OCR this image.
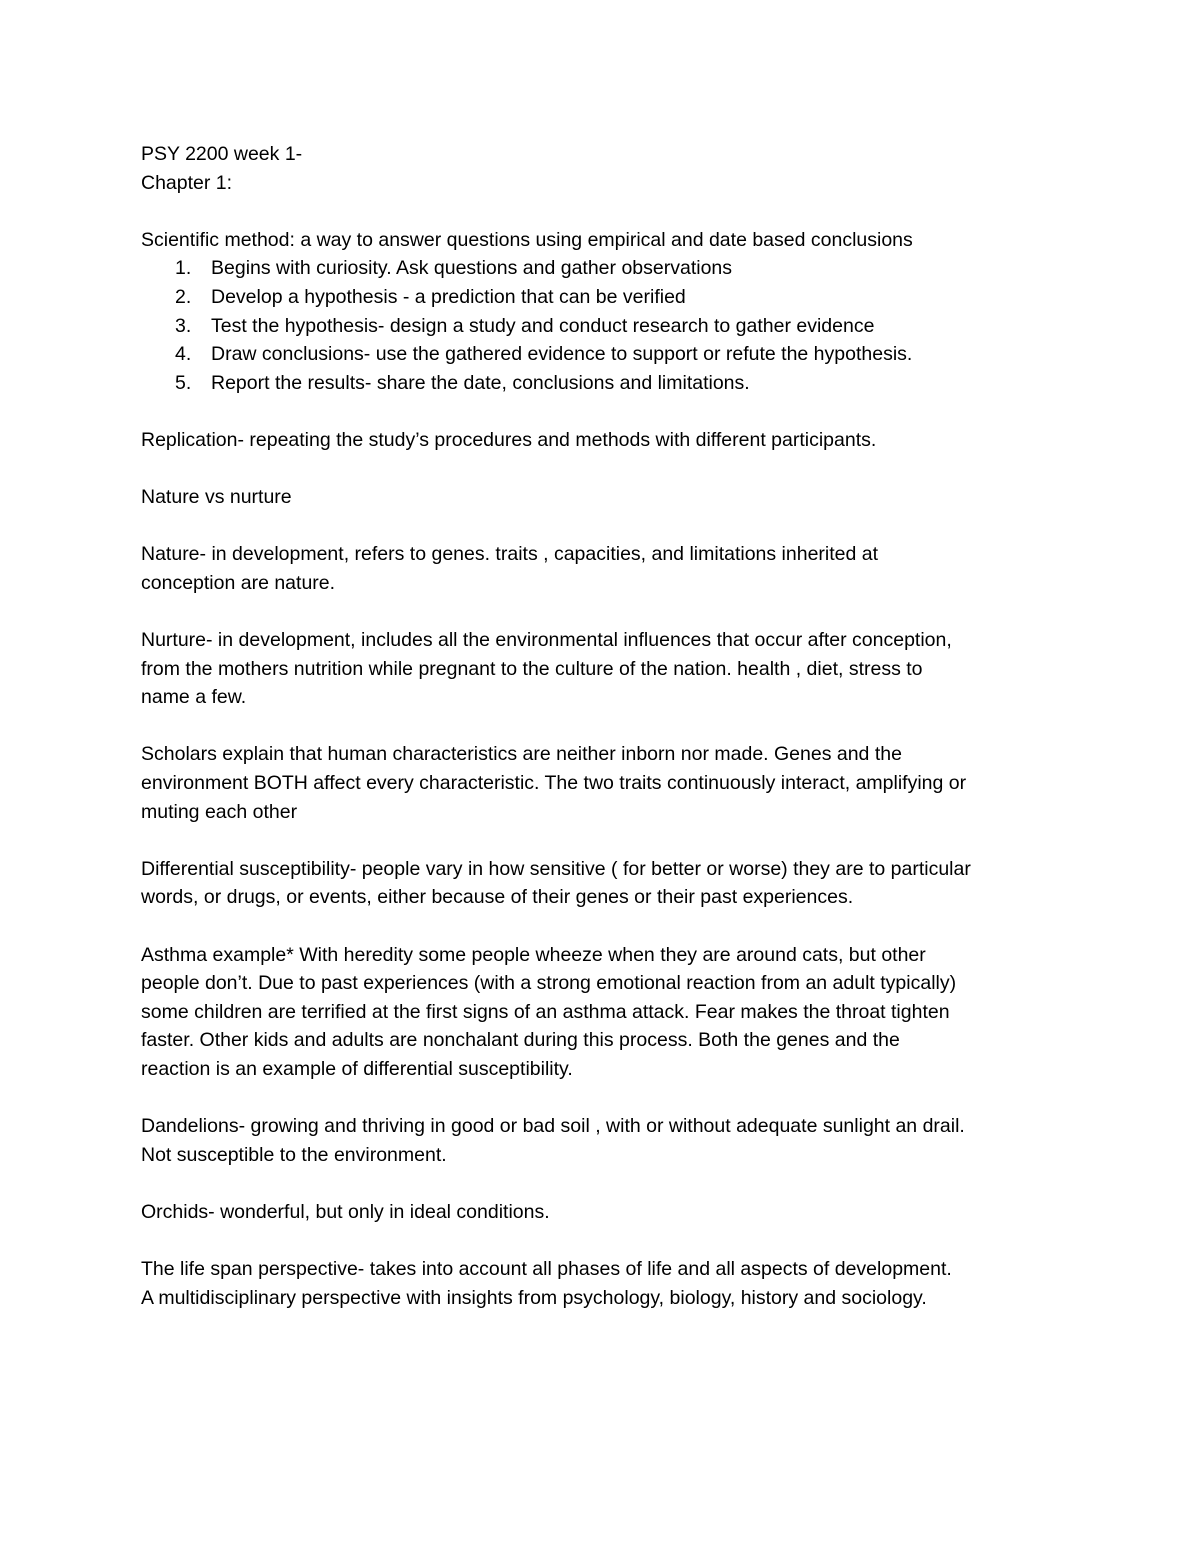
PSY 2200 week 1-
Chapter 1:
Scientific method: a way to answer questions using empirical and date based conclusions
1.	Begins with curiosity. Ask questions and gather observations
2.	Develop a hypothesis - a prediction that can be verified
3.	Test the hypothesis- design a study and conduct research to gather evidence
4.	Draw conclusions- use the gathered evidence to support or refute the hypothesis.
5.	Report the results- share the date, conclusions and limitations.
Replication- repeating the study’s procedures and methods with different participants.
Nature vs nurture
Nature- in development, refers to genes. traits , capacities, and limitations inherited at
conception are nature.
Nurture- in development, includes all the environmental influences that occur after conception,
from the mothers nutrition while pregnant to the culture of the nation. health , diet, stress to
name a few.
Scholars explain that human characteristics are neither inborn nor made. Genes and the
environment BOTH affect every characteristic. The two traits continuously interact, amplifying or
muting each other
Differential susceptibility- people vary in how sensitive ( for better or worse) they are to particular
words, or drugs, or events, either because of their genes or their past experiences.
Asthma example* With heredity some people wheeze when they are around cats, but other
people don’t. Due to past experiences (with a strong emotional reaction from an adult typically)
some children are terrified at the first signs of an asthma attack. Fear makes the throat tighten
faster. Other kids and adults are nonchalant during this process. Both the genes and the
reaction is an example of differential susceptibility.
Dandelions- growing and thriving in good or bad soil , with or without adequate sunlight an drail.
Not susceptible to the environment.
Orchids- wonderful, but only in ideal conditions.
The life span perspective- takes into account all phases of life and all aspects of development.
A multidisciplinary perspective with insights from psychology, biology, history and sociology.
